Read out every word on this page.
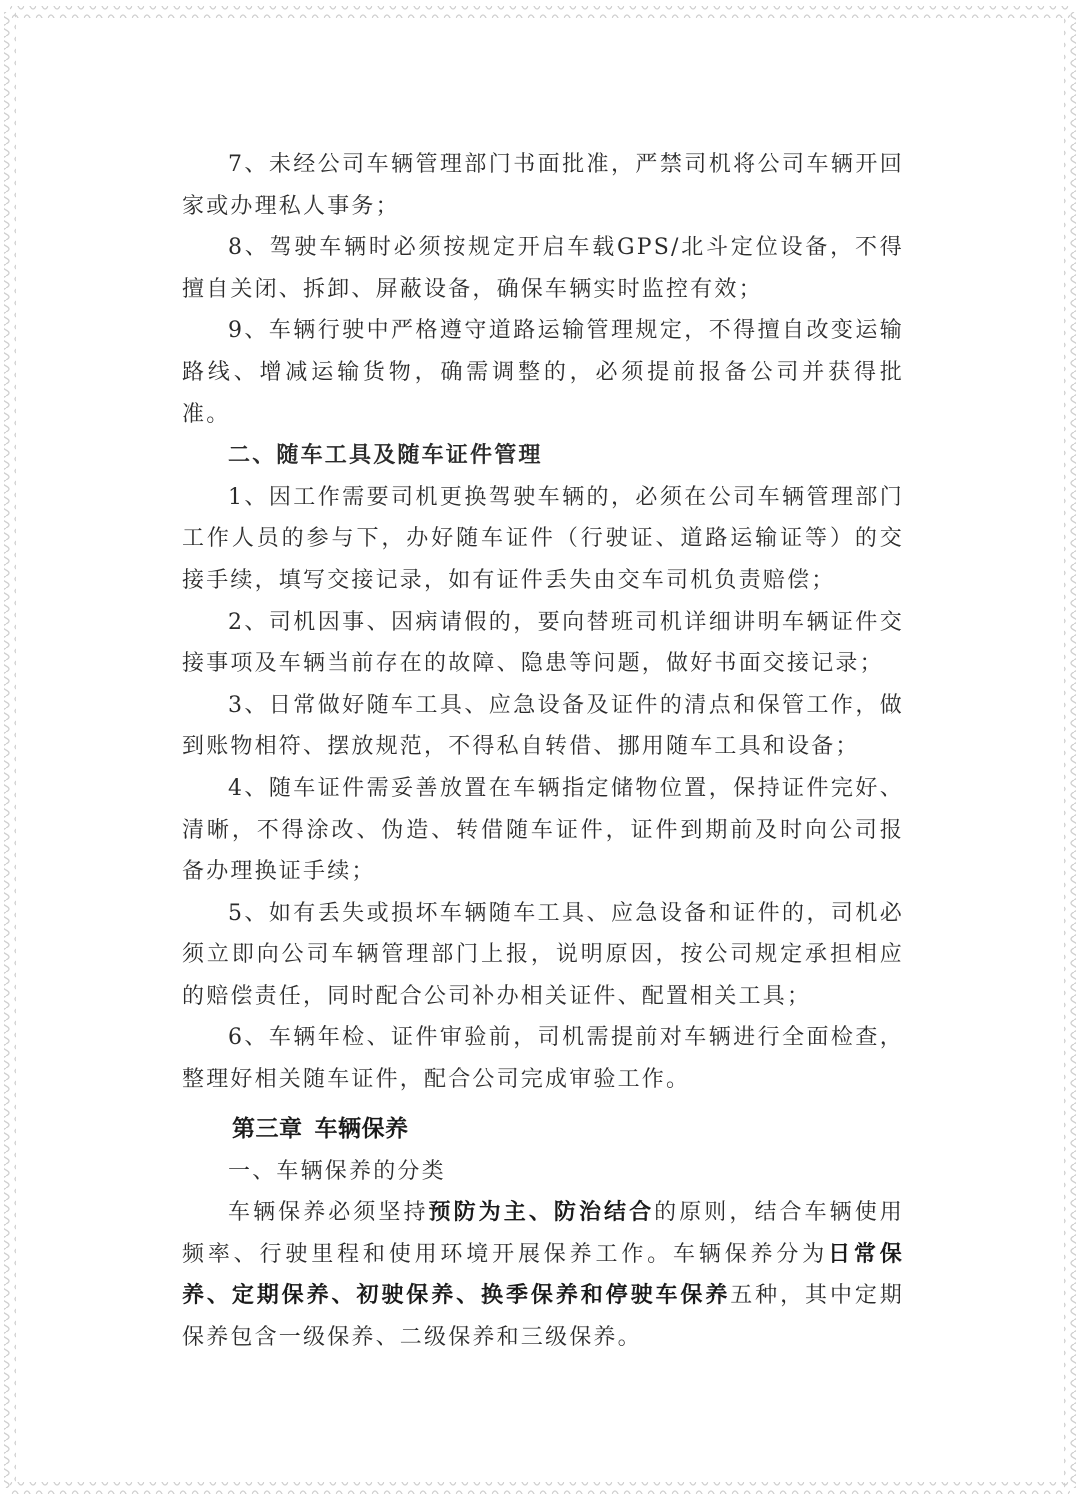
7、未经公司车辆管理部门书面批准，严禁司机将公司车辆开回家或办理私人事务；

8、驾驶车辆时必须按规定开启车载GPS/北斗定位设备，不得擅自关闭、拆卸、屏蔽设备，确保车辆实时监控有效；

9、车辆行驶中严格遵守道路运输管理规定，不得擅自改变运输路线、增减运输货物，确需调整的，必须提前报备公司并获得批准。

二、随车工具及随车证件管理

1、因工作需要司机更换驾驶车辆的，必须在公司车辆管理部门工作人员的参与下，办好随车证件（行驶证、道路运输证等）的交接手续，填写交接记录，如有证件丢失由交车司机负责赔偿；

2、司机因事、因病请假的，要向替班司机详细讲明车辆证件交接事项及车辆当前存在的故障、隐患等问题，做好书面交接记录；

3、日常做好随车工具、应急设备及证件的清点和保管工作，做到账物相符、摆放规范，不得私自转借、挪用随车工具和设备；

4、随车证件需妥善放置在车辆指定储物位置，保持证件完好、清晰，不得涂改、伪造、转借随车证件，证件到期前及时向公司报备办理换证手续；

5、如有丢失或损坏车辆随车工具、应急设备和证件的，司机必须立即向公司车辆管理部门上报，说明原因，按公司规定承担相应的赔偿责任，同时配合公司补办相关证件、配置相关工具；

6、车辆年检、证件审验前，司机需提前对车辆进行全面检查，整理好相关随车证件，配合公司完成审验工作。

第三章 车辆保养

一、车辆保养的分类

车辆保养必须坚持预防为主、防治结合的原则，结合车辆使用频率、行驶里程和使用环境开展保养工作。车辆保养分为日常保养、定期保养、初驶保养、换季保养和停驶车保养五种，其中定期保养包含一级保养、二级保养和三级保养。
